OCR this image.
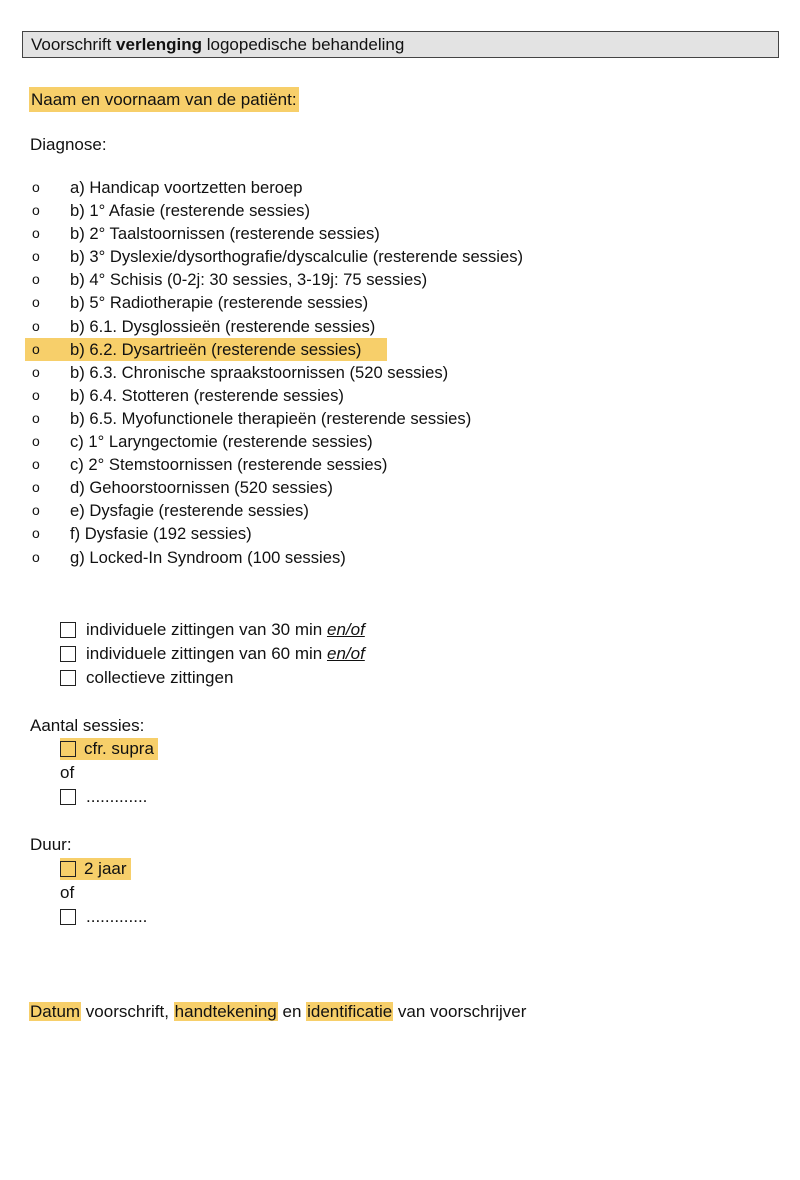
Voorschrift verlenging logopedische behandeling
Naam en voornaam van de patiënt:
Diagnose:
o a) Handicap voortzetten beroep
o b) 1° Afasie (resterende sessies)
o b) 2° Taalstoornissen (resterende sessies)
o b) 3° Dyslexie/dysorthografie/dyscalculie (resterende sessies)
o b) 4° Schisis (0-2j: 30 sessies, 3-19j: 75 sessies)
o b) 5° Radiotherapie (resterende sessies)
o b) 6.1. Dysglossieën (resterende sessies)
o b) 6.2. Dysartrieën (resterende sessies)
o b) 6.3. Chronische spraakstoornissen (520 sessies)
o b) 6.4. Stotteren (resterende sessies)
o b) 6.5. Myofunctionele therapieën (resterende sessies)
o c) 1° Laryngectomie (resterende sessies)
o c) 2° Stemstoornissen (resterende sessies)
o d) Gehoorstoornissen (520 sessies)
o e) Dysfagie (resterende sessies)
o f) Dysfasie (192 sessies)
o g) Locked-In Syndroom (100 sessies)
individuele zittingen van 30 min en/of
individuele zittingen van 60 min en/of
collectieve zittingen
Aantal sessies:
cfr. supra
of
.............
Duur:
2 jaar
of
.............
Datum voorschrift, handtekening en identificatie van voorschrijver
